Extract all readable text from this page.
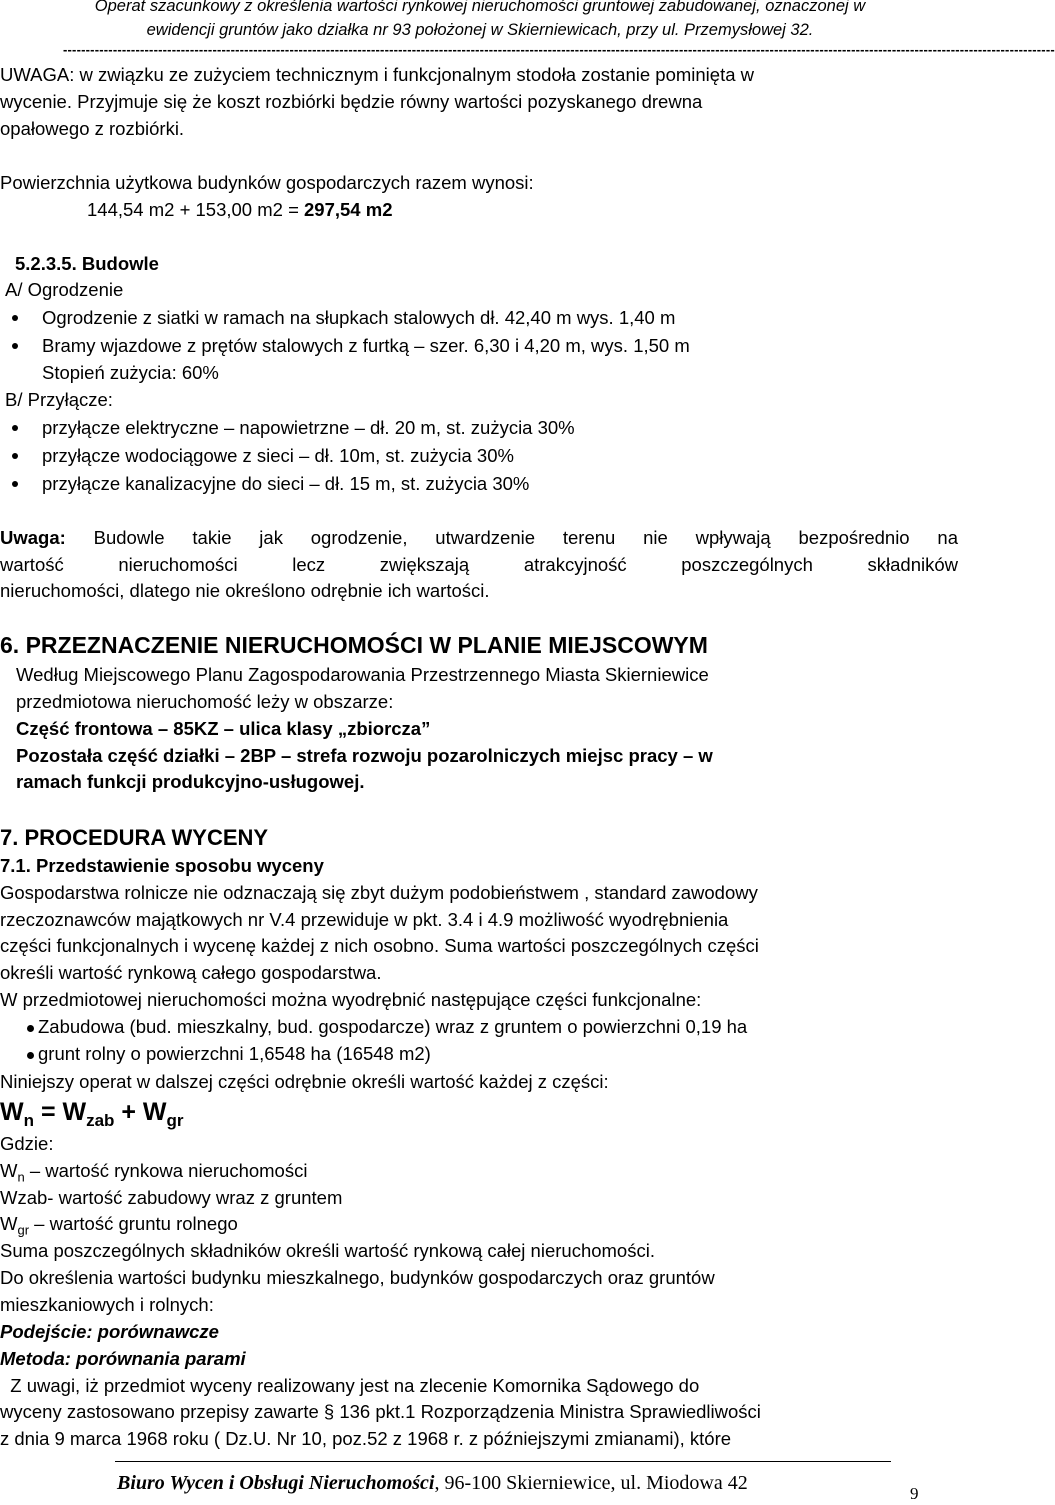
Operat szacunkowy z określenia wartości rynkowej nieruchomości gruntowej zabudowanej, oznaczonej w
ewidencji gruntów jako działka nr 93 położonej w Skierniewicach, przy ul. Przemysłowej 32.
---------------------------------------------------------------------------------------------------------------------------------------------------------------------------------------------------------------------------
UWAGA: w związku ze zużyciem technicznym i funkcjonalnym stodoła zostanie pominięta w
wycenie. Przyjmuje się że koszt rozbiórki będzie równy wartości pozyskanego drewna
opałowego z rozbiórki.
Powierzchnia użytkowa budynków gospodarczych razem wynosi:
144,54 m2 + 153,00 m2 = 297,54 m2
5.2.3.5. Budowle
A/ Ogrodzenie
Ogrodzenie z siatki w ramach na słupkach stalowych dł. 42,40 m wys. 1,40 m
Bramy wjazdowe z prętów stalowych z furtką – szer. 6,30 i 4,20 m, wys. 1,50 m
Stopień zużycia: 60%
B/ Przyłącze:
przyłącze elektryczne – napowietrzne – dł. 20 m, st. zużycia 30%
przyłącze wodociągowe z sieci – dł. 10m, st. zużycia 30%
przyłącze kanalizacyjne do sieci – dł. 15 m, st. zużycia 30%
Uwaga: Budowle takie jak ogrodzenie, utwardzenie terenu nie wpływają bezpośrednio na
wartość nieruchomości lecz zwiększają atrakcyjność poszczególnych składników
nieruchomości, dlatego nie określono odrębnie ich wartości.
6. PRZEZNACZENIE NIERUCHOMOŚCI W PLANIE MIEJSCOWYM
Według Miejscowego Planu Zagospodarowania Przestrzennego Miasta Skierniewice
przedmiotowa nieruchomość leży w obszarze:
Część frontowa – 85KZ – ulica klasy „zbiorcza”
Pozostała część działki – 2BP – strefa rozwoju pozarolniczych miejsc pracy – w
ramach funkcji produkcyjno-usługowej.
7. PROCEDURA WYCENY
7.1. Przedstawienie sposobu wyceny
Gospodarstwa rolnicze nie odznaczają się zbyt dużym podobieństwem , standard zawodowy
rzeczoznawców majątkowych nr V.4 przewiduje w pkt. 3.4 i 4.9 możliwość wyodrębnienia
części funkcjonalnych i wycenę każdej z nich osobno. Suma wartości poszczególnych części
określi wartość rynkową całego gospodarstwa.
W przedmiotowej nieruchomości można wyodrębnić następujące części funkcjonalne:
Zabudowa (bud. mieszkalny, bud. gospodarcze) wraz z gruntem o powierzchni 0,19 ha
grunt rolny o powierzchni 1,6548 ha (16548 m2)
Niniejszy operat w dalszej części odrębnie określi wartość każdej z części:
$W_n = W_{zab} + W_{gr}$
Gdzie:
$W_n$ – wartość rynkowa nieruchomości
Wzab- wartość zabudowy wraz z gruntem
$W_{gr}$ – wartość gruntu rolnego
Suma poszczególnych składników określi wartość rynkową całej nieruchomości.
Do określenia wartości budynku mieszkalnego, budynków gospodarczych oraz gruntów
mieszkaniowych i rolnych:
Podejście: porównawcze
Metoda: porównania parami
Z uwagi, iż przedmiot wyceny realizowany jest na zlecenie Komornika Sądowego do
wyceny zastosowano przepisy zawarte § 136 pkt.1 Rozporządzenia Ministra Sprawiedliwości
z dnia 9 marca 1968 roku ( Dz.U. Nr 10, poz.52 z 1968 r. z późniejszymi zmianami), które
Biuro Wycen i Obsługi Nieruchomości, 96-100 Skierniewice, ul. Miodowa 42	9
